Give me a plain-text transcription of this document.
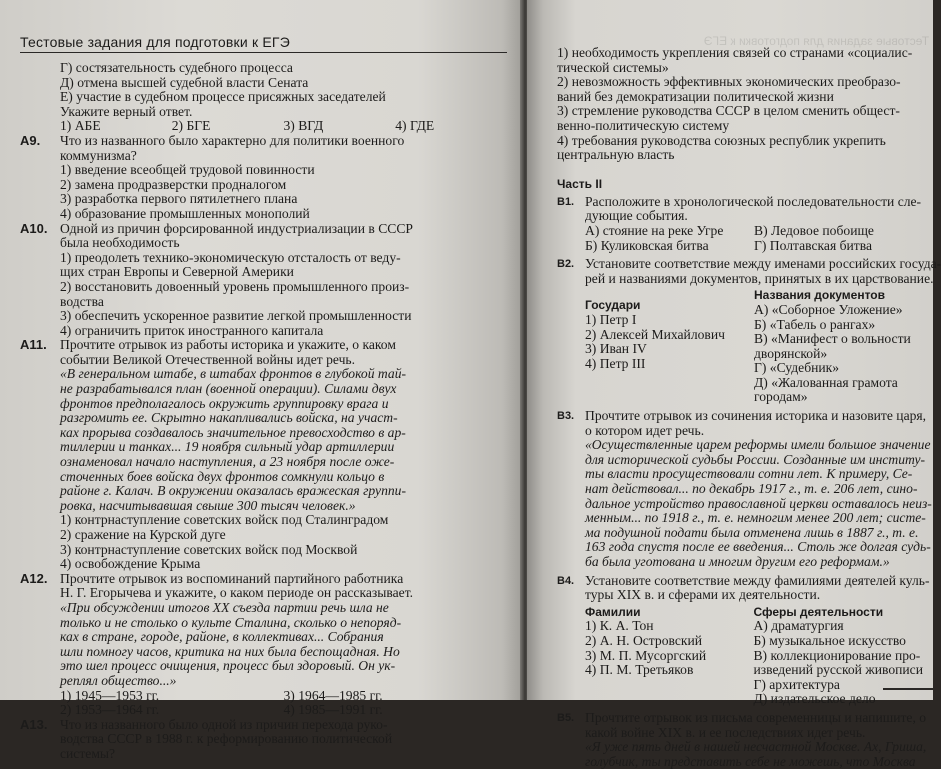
Тестовые задания для подготовки к ЕГЭ
Г) состязательность судебного процесса
Д) отмена высшей судебной власти Сената
Е) участие в судебном процессе присяжных заседателей
Укажите верный ответ.
1) АБЕ	2) БГЕ	3) ВГД	4) ГДЕ
А9.	Что из названного было характерно для политики военного
коммунизма?
1) введение всеобщей трудовой повинности
2) замена продразверстки продналогом
3) разработка первого пятилетнего плана
4) образование промышленных монополий
А10. Одной из причин форсированной индустриализации в СССР
была необходимость
1) преодолеть технико-экономическую отсталость от веду-
щих стран Европы и Северной Америки
2) восстановить довоенный уровень промышленного произ-
водства
3) обеспечить ускоренное развитие легкой промышленности
4) ограничить приток иностранного капитала
А11. Прочтите отрывок из работы историка и укажите, о каком
событии Великой Отечественной войны идет речь.
«В генеральном штабе, в штабах фронтов в глубокой тай-
не разрабатывался план (военной операции). Силами двух
фронтов предполагалось окружить группировку врага и
разгромить ее. Скрытно накапливались войска, на участ-
ках прорыва создавалось значительное превосходство в ар-
тиллерии и танках... 19 ноября сильный удар артиллерии
ознаменовал начало наступления, а 23 ноября после оже-
сточенных боев войска двух фронтов сомкнули кольцо в
районе г. Калач. В окружении оказалась вражеская группи-
ровка, насчитывавшая свыше 300 тысяч человек.»
1) контрнаступление советских войск под Сталинградом
2) сражение на Курской дуге
3) контрнаступление советских войск под Москвой
4) освобождение Крыма
А12. Прочтите отрывок из воспоминаний партийного работника
Н. Г. Егорычева и укажите, о каком периоде он рассказывает.
«При обсуждении итогов XX съезда партии речь шла не
только и не столько о культе Сталина, сколько о непоряд-
ках в стране, городе, районе, в коллективах... Собрания
шли помногу часов, критика на них была беспощадная. Но
это шел процесс очищения, процесс был здоровый. Он ук-
реплял общество...»
1) 1945—1953 гг.	3) 1964—1985 гг.
2) 1953—1964 гг.	4) 1985—1991 гг.
А13. Что из названного было одной из причин перехода руко-
водства СССР в 1988 г. к реформированию политической
системы?
Тестовые задания для подготовки к ЕГЭ
1) необходимость укрепления связей со странами «социалис-
тической системы»
2) невозможность эффективных экономических преобразо-
ваний без демократизации политической жизни
3) стремление руководства СССР в целом сменить общест-
венно-политическую систему
4) требования руководства союзных республик укрепить
центральную власть
Часть II
В1. Расположите в хронологической последовательности сле-
дующие события.
А) стояние на реке Угре	В) Ледовое побоище
Б) Куликовская битва	Г) Полтавская битва
В2. Установите соответствие между именами российских госуда-
рей и названиями документов, принятых в их царствование.
Государи
1) Петр I
2) Алексей Михайлович
3) Иван IV
4) Петр III
Названия документов
А) «Соборное Уложение»
Б) «Табель о рангах»
В) «Манифест о вольности
дворянской»
Г) «Судебник»
Д) «Жалованная грамота
городам»
В3. Прочтите отрывок из сочинения историка и назовите царя,
о котором идет речь.
«Осуществленные царем реформы имели большое значение
для исторической судьбы России. Созданные им институ-
ты власти просуществовали сотни лет. К примеру, Се-
нат действовал... по декабрь 1917 г., т. е. 206 лет, сино-
дальное устройство православной церкви оставалось неиз-
менным... по 1918 г., т. е. немногим менее 200 лет; систе-
ма подушной подати была отменена лишь в 1887 г., т. е.
163 года спустя после ее введения... Столь же долгая судь-
ба была уготована и многим другим его реформам.»
В4. Установите соответствие между фамилиями деятелей куль-
туры XIX в. и сферами их деятельности.
Фамилии
1) К. А. Тон
2) А. Н. Островский
3) М. П. Мусоргский
4) П. М. Третьяков
Сферы деятельности
А) драматургия
Б) музыкальное искусство
В) коллекционирование про-
изведений русской живописи
Г) архитектура
Д) издательское дело
В5. Прочтите отрывок из письма современницы и напишите, о
какой войне XIX в. и ее последствиях идет речь.
«Я уже пять дней в нашей несчастной Москве. Ах, Гриша,
голубчик, ты представить себе не можешь, что Москва
